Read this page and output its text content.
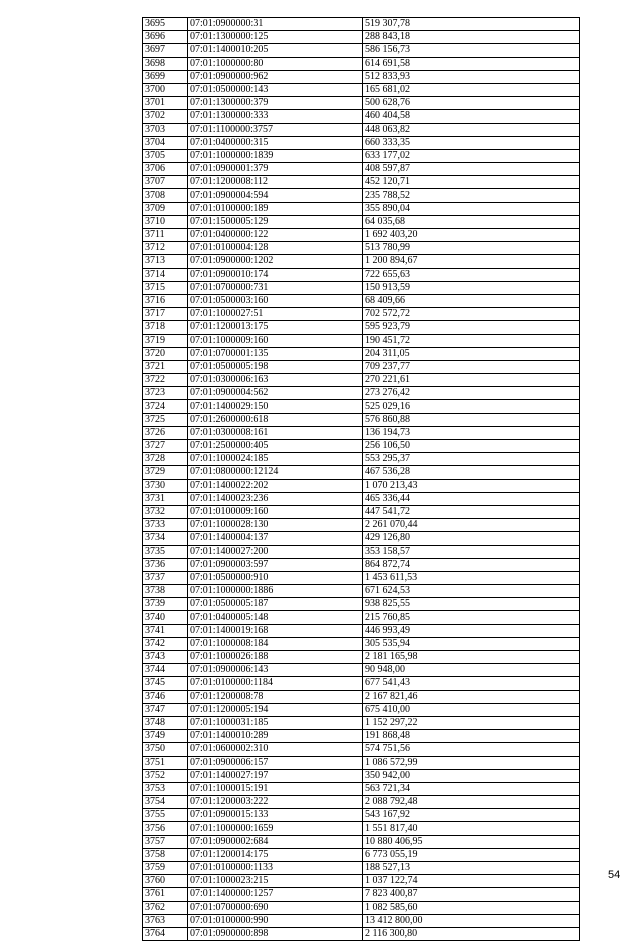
3695	07:01:0900000:31	519 307,78
3696	07:01:1300000:125	288 843,18
3697	07:01:1400010:205	586 156,73
3698	07:01:1000000:80	614 691,58
3699	07:01:0900000:962	512 833,93
3700	07:01:0500000:143	165 681,02
3701	07:01:1300000:379	500 628,76
3702	07:01:1300000:333	460 404,58
3703	07:01:1100000:3757	448 063,82
3704	07:01:0400000:315	660 333,35
3705	07:01:1000000:1839	633 177,02
3706	07:01:0900001:379	408 597,87
3707	07:01:1200008:112	452 120,71
3708	07:01:0900004:594	235 788,52
3709	07:01:0100000:189	355 890,04
3710	07:01:1500005:129	64 035,68
3711	07:01:0400000:122	1 692 403,20
3712	07:01:0100004:128	513 780,99
3713	07:01:0900000:1202	1 200 894,67
3714	07:01:0900010:174	722 655,63
3715	07:01:0700000:731	150 913,59
3716	07:01:0500003:160	68 409,66
3717	07:01:1000027:51	702 572,72
3718	07:01:1200013:175	595 923,79
3719	07:01:1000009:160	190 451,72
3720	07:01:0700001:135	204 311,05
3721	07:01:0500005:198	709 237,77
3722	07:01:0300006:163	270 221,61
3723	07:01:0900004:562	273 276,42
3724	07:01:1400029:150	525 029,16
3725	07:01:2600000:618	576 860,88
3726	07:01:0300008:161	136 194,73
3727	07:01:2500000:405	256 106,50
3728	07:01:1000024:185	553 295,37
3729	07:01:0800000:12124	467 536,28
3730	07:01:1400022:202	1 070 213,43
3731	07:01:1400023:236	465 336,44
3732	07:01:0100009:160	447 541,72
3733	07:01:1000028:130	2 261 070,44
3734	07:01:1400004:137	429 126,80
3735	07:01:1400027:200	353 158,57
3736	07:01:0900003:597	864 872,74
3737	07:01:0500000:910	1 453 611,53
3738	07:01:1000000:1886	671 624,53
3739	07:01:0500005:187	938 825,55
3740	07:01:0400005:148	215 760,85
3741	07:01:1400019:168	446 993,49
3742	07:01:1000008:184	305 535,94
3743	07:01:1000026:188	2 181 165,98
3744	07:01:0900006:143	90 948,00
3745	07:01:0100000:1184	677 541,43
3746	07:01:1200008:78	2 167 821,46
3747	07:01:1200005:194	675 410,00
3748	07:01:1000031:185	1 152 297,22
3749	07:01:1400010:289	191 868,48
3750	07:01:0600002:310	574 751,56
3751	07:01:0900006:157	1 086 572,99
3752	07:01:1400027:197	350 942,00
3753	07:01:1000015:191	563 721,34
3754	07:01:1200003:222	2 088 792,48
3755	07:01:0900015:133	543 167,92
3756	07:01:1000000:1659	1 551 817,40
3757	07:01:0900002:684	10 880 406,95
3758	07:01:1200014:175	6 773 055,19
3759	07:01:0100000:1133	188 527,13
3760	07:01:1000023:215	1 037 122,74
3761	07:01:1400000:1257	7 823 400,87
3762	07:01:0700000:690	1 082 585,60
3763	07:01:0100000:990	13 412 800,00
3764	07:01:0900000:898	2 116 300,80
54
